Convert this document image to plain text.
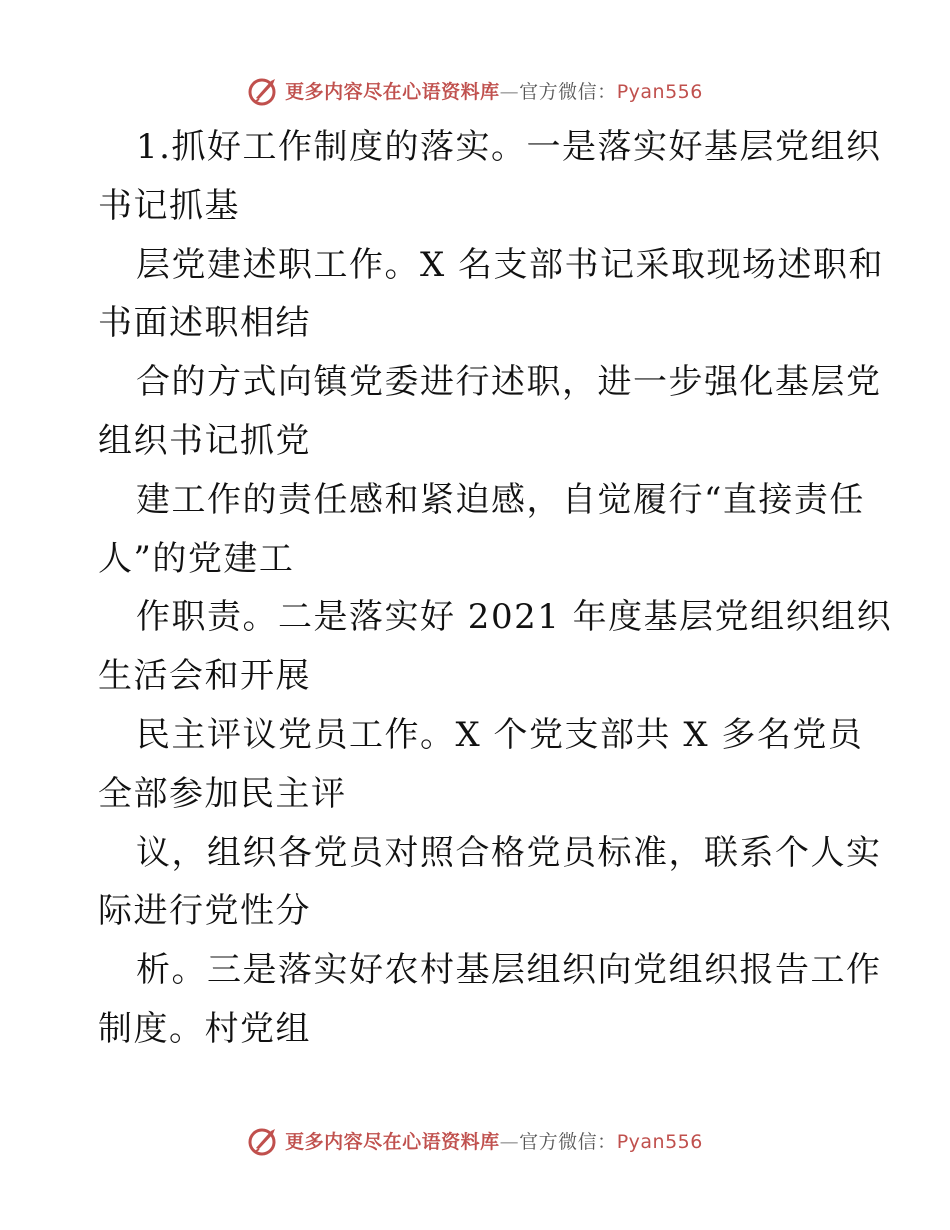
更多内容尽在心语资料库—官方微信：Pyan556
1.抓好工作制度的落实。一是落实好基层党组织
书记抓基
层党建述职工作。X 名支部书记采取现场述职和
书面述职相结
合的方式向镇党委进行述职，进一步强化基层党
组织书记抓党
建工作的责任感和紧迫感，自觉履行“直接责任
人”的党建工
作职责。二是落实好 2021 年度基层党组织组织
生活会和开展
民主评议党员工作。X 个党支部共 X 多名党员
全部参加民主评
议，组织各党员对照合格党员标准，联系个人实
际进行党性分
析。三是落实好农村基层组织向党组织报告工作
制度。村党组
更多内容尽在心语资料库—官方微信：Pyan556
